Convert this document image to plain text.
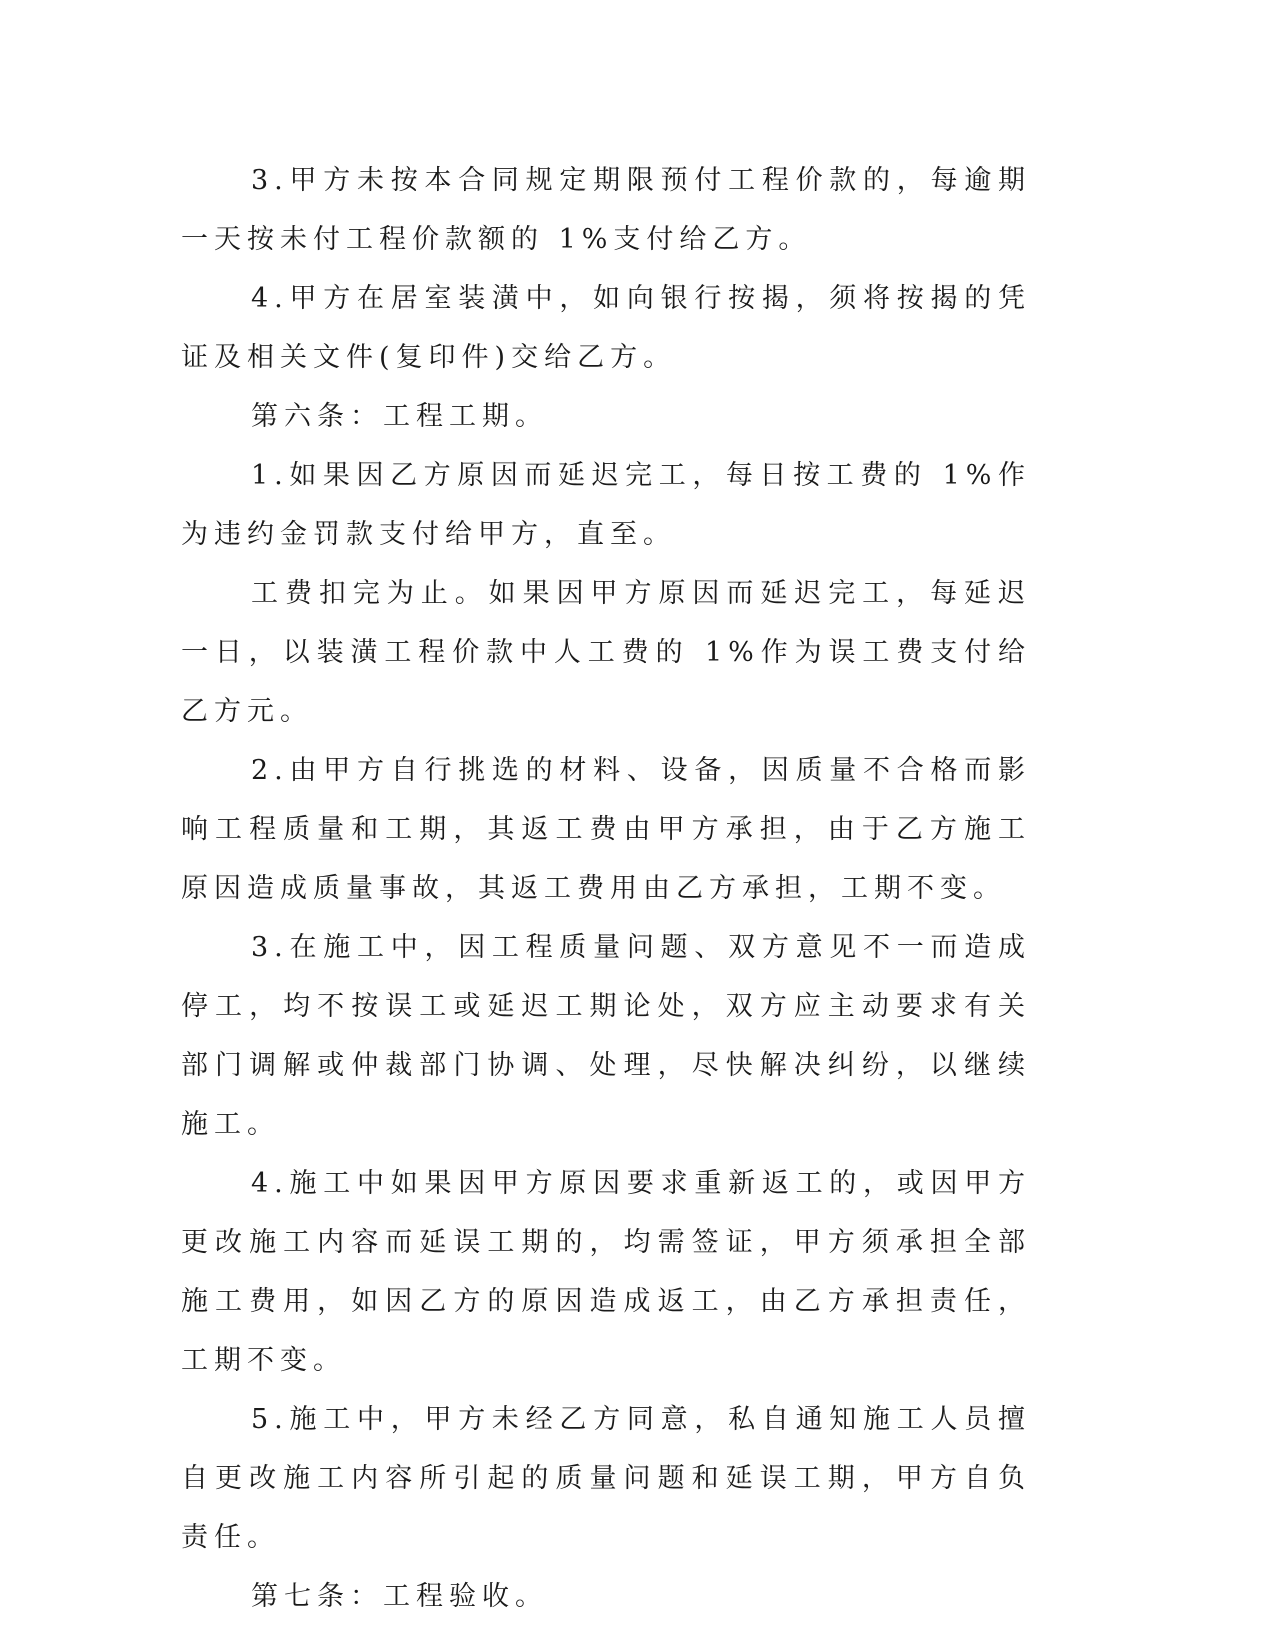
3.甲方未按本合同规定期限预付工程价款的，每逾期一天按未付工程价款额的 1%支付给乙方。

4.甲方在居室装潢中，如向银行按揭，须将按揭的凭证及相关文件(复印件)交给乙方。

第六条：工程工期。

1.如果因乙方原因而延迟完工，每日按工费的 1%作为违约金罚款支付给甲方，直至。

工费扣完为止。如果因甲方原因而延迟完工，每延迟一日，以装潢工程价款中人工费的 1%作为误工费支付给乙方元。

2.由甲方自行挑选的材料、设备，因质量不合格而影响工程质量和工期，其返工费由甲方承担，由于乙方施工原因造成质量事故，其返工费用由乙方承担，工期不变。

3.在施工中，因工程质量问题、双方意见不一而造成停工，均不按误工或延迟工期论处，双方应主动要求有关部门调解或仲裁部门协调、处理，尽快解决纠纷，以继续施工。

4.施工中如果因甲方原因要求重新返工的，或因甲方更改施工内容而延误工期的，均需签证，甲方须承担全部施工费用，如因乙方的原因造成返工，由乙方承担责任，工期不变。

5.施工中，甲方未经乙方同意，私自通知施工人员擅自更改施工内容所引起的质量问题和延误工期，甲方自负责任。

第七条：工程验收。
